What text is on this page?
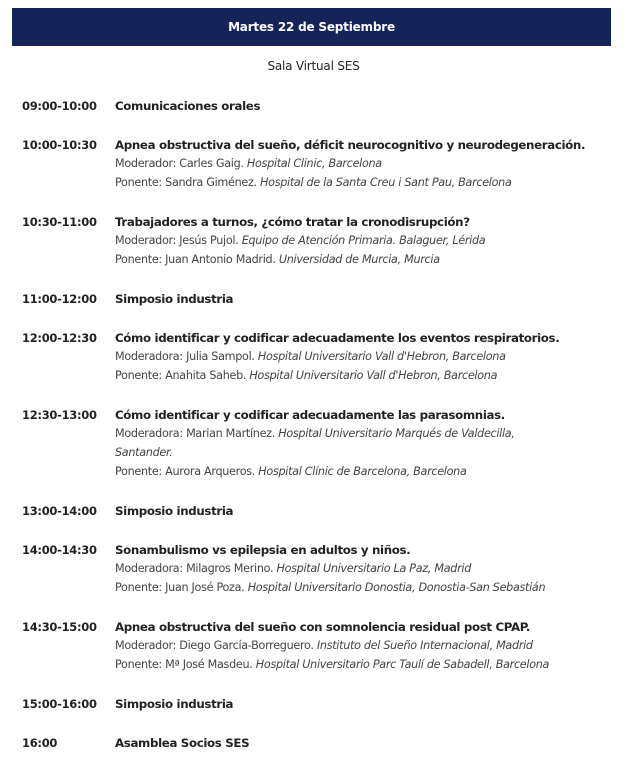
Martes 22 de Septiembre
Sala Virtual SES
09:00-10:00	Comunicaciones orales
10:00-10:30	Apnea obstructiva del sueño, déficit neurocognitivo y neurodegeneración.
Moderador: Carles Gaig. Hospital Clinic, Barcelona
Ponente: Sandra Giménez. Hospital de la Santa Creu i Sant Pau, Barcelona
10:30-11:00	Trabajadores a turnos, ¿cómo tratar la cronodisrupción?
Moderador: Jesús Pujol. Equipo de Atención Primaria. Balaguer, Lérida
Ponente: Juan Antonio Madrid. Universidad de Murcia, Murcia
11:00-12:00	Simposio industria
12:00-12:30	Cómo identificar y codificar adecuadamente los eventos respiratorios.
Moderadora: Julia Sampol. Hospital Universitario Vall d'Hebron, Barcelona
Ponente: Anahita Saheb. Hospital Universitario Vall d'Hebron, Barcelona
12:30-13:00	Cómo identificar y codificar adecuadamente las parasomnias.
Moderadora: Marian Martínez. Hospital Universitario Marqués de Valdecilla, Santander.
Ponente: Aurora Arqueros. Hospital Clínic de Barcelona, Barcelona
13:00-14:00	Simposio industria
14:00-14:30	Sonambulismo vs epilepsia en adultos y niños.
Moderadora: Milagros Merino. Hospital Universitario La Paz, Madrid
Ponente: Juan José Poza. Hospital Universitario Donostia, Donostia-San Sebastián
14:30-15:00	Apnea obstructiva del sueño con somnolencia residual post CPAP.
Moderador: Diego García-Borreguero. Instituto del Sueño Internacional, Madrid
Ponente: Mª José Masdeu. Hospital Universitario Parc Taulí de Sabadell, Barcelona
15:00-16:00	Simposio industria
16:00	Asamblea Socios SES
